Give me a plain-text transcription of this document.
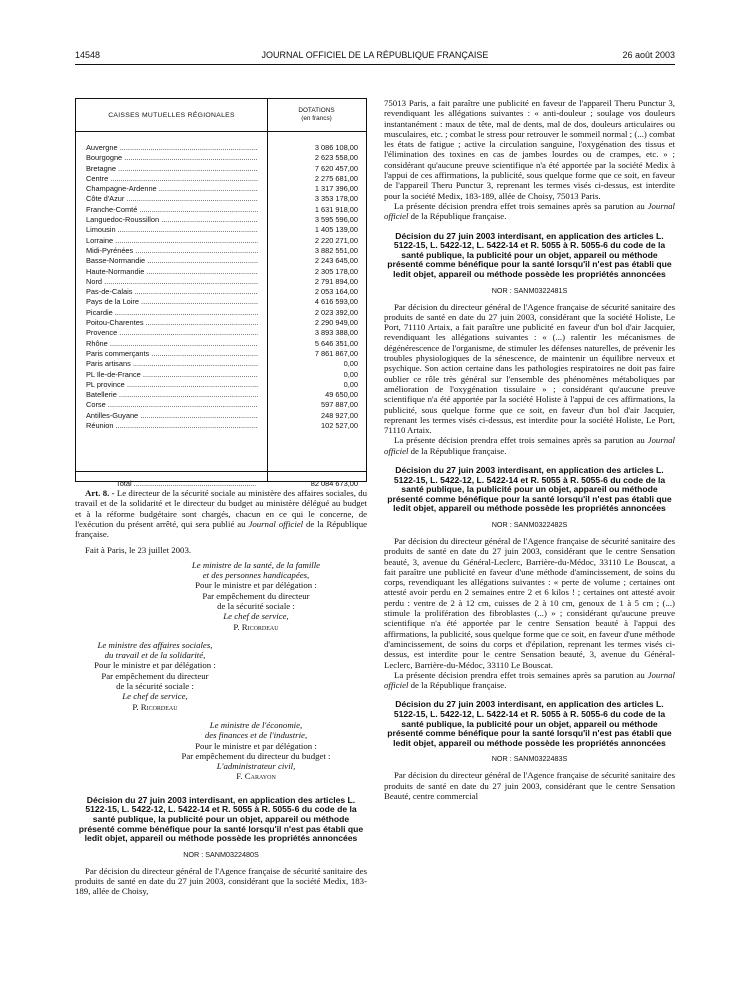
14548	JOURNAL OFFICIEL DE LA RÉPUBLIQUE FRANÇAISE	26 août 2003
CAISSES MUTUELLES RÉGIONALES
DOTATIONS
(en francs)
Auvergne .....	3 086 108,00
Bourgogne .....	2 623 558,00
Bretagne .....	7 620 457,00
Centre .....	2 275 681,00
Champagne-Ardenne .....	1 317 396,00
Côte d'Azur .....	3 353 178,00
Franche-Comté .....	1 631 918,00
Languedoc-Roussillon .....	3 595 596,00
Limousin .....	1 405 139,00
Lorraine .....	2 220 271,00
Midi-Pyrénées .....	3 882 551,00
Basse-Normandie .....	2 243 645,00
Haute-Normandie .....	2 305 178,00
Nord .....	2 791 894,00
Pas-de-Calais .....	2 053 164,00
Pays de la Loire .....	4 616 593,00
Picardie .....	2 023 392,00
Poitou-Charentes .....	2 290 949,00
Provence .....	3 893 388,00
Rhône .....	5 646 351,00
Paris commerçants .....	7 861 867,00
Paris artisans .....	0,00
PL Ile-de-France .....	0,00
PL province .....	0,00
Batellerie .....	49 650,00
Corse .....	597 887,00
Antilles-Guyane .....	248 927,00
Réunion .....	102 527,00
Total .....	82 084 673,00

Art. 8. - Le directeur de la sécurité sociale au ministère des affaires sociales, du travail et de la solidarité et le directeur du budget au ministère délégué au budget et à la réforme budgétaire sont chargés, chacun en ce qui le concerne, de l'exécution du présent arrêté, qui sera publié au Journal officiel de la République française.

Fait à Paris, le 23 juillet 2003.

Le ministre de la santé, de la famille
et des personnes handicapées,
Pour le ministre et par délégation :
Par empêchement du directeur
de la sécurité sociale :
Le chef de service,
P. Ricordeau
Le ministre des affaires sociales,
du travail et de la solidarité,
Pour le ministre et par délégation :
Par empêchement du directeur
de la sécurité sociale :
Le chef de service,
P. Ricordeau
Le ministre de l'économie,
des finances et de l'industrie,
Pour le ministre et par délégation :
Par empêchement du directeur du budget :
L'administrateur civil,
F. Carayon
Décision du 27 juin 2003 interdisant, en application des articles L. 5122-15, L. 5422-12, L. 5422-14 et R. 5055 à R. 5055-6 du code de la santé publique, la publicité pour un objet, appareil ou méthode présenté comme bénéfique pour la santé lorsqu'il n'est pas établi que ledit objet, appareil ou méthode possède les propriétés annoncées
NOR : SANM0322480S

Par décision du directeur général de l'Agence française de sécurité sanitaire des produits de santé en date du 27 juin 2003, considérant que la société Medix, 183-189, allée de Choisy,

75013 Paris, a fait paraître une publicité en faveur de l'appareil Theru Punctur 3, revendiquant les allégations suivantes : « anti-douleur ; soulage vos douleurs instantanément : maux de tête, mal de dents, mal de dos, douleurs articulaires ou musculaires, etc. ; combat le stress pour retrouver le sommeil normal ; (...) combat les états de fatigue ; active la circulation sanguine, l'oxygénation des tissus et l'élimination des toxines en cas de jambes lourdes ou de crampes, etc. » ; considérant qu'aucune preuve scientifique n'a été apportée par la société Medix à l'appui de ces affirmations, la publicité, sous quelque forme que ce soit, en faveur de l'appareil Theru Punctur 3, reprenant les termes visés ci-dessus, est interdite pour la société Medix, 183-189, allée de Choisy, 75013 Paris.

La présente décision prendra effet trois semaines après sa parution au Journal officiel de la République française.

Décision du 27 juin 2003 interdisant, en application des articles L. 5122-15, L. 5422-12, L. 5422-14 et R. 5055 à R. 5055-6 du code de la santé publique, la publicité pour un objet, appareil ou méthode présenté comme bénéfique pour la santé lorsqu'il n'est pas établi que ledit objet, appareil ou méthode possède les propriétés annoncées
NOR : SANM0322481S

Par décision du directeur général de l'Agence française de sécurité sanitaire des produits de santé en date du 27 juin 2003, considérant que la société Holiste, Le Port, 71110 Artaix, a fait paraître une publicité en faveur d'un bol d'air Jacquier, revendiquant les allégations suivantes : « (...) ralentir les mécanismes de dégénérescence de l'organisme, de stimuler les défenses naturelles, de prévenir les troubles physiologiques de la sénescence, de maintenir un équilibre nerveux et psychique. Son action certaine dans les pathologies respiratoires ne doit pas faire oublier ce rôle très général sur l'ensemble des phénomènes métaboliques par amélioration de l'oxygénation tissulaire » ; considérant qu'aucune preuve scientifique n'a été apportée par la société Holiste à l'appui de ces affirmations, la publicité, sous quelque forme que ce soit, en faveur d'un bol d'air Jacquier, reprenant les termes visés ci-dessus, est interdite pour la société Holiste, Le Port, 71110 Artaix.

La présente décision prendra effet trois semaines après sa parution au Journal officiel de la République française.

Décision du 27 juin 2003 interdisant, en application des articles L. 5122-15, L. 5422-12, L. 5422-14 et R. 5055 à R. 5055-6 du code de la santé publique, la publicité pour un objet, appareil ou méthode présenté comme bénéfique pour la santé lorsqu'il n'est pas établi que ledit objet, appareil ou méthode possède les propriétés annoncées
NOR : SANM0322482S

Par décision du directeur général de l'Agence française de sécurité sanitaire des produits de santé en date du 27 juin 2003, considérant que le centre Sensation beauté, 3, avenue du Général-Leclerc, Barrière-du-Médoc, 33110 Le Bouscat, a fait paraître une publicité en faveur d'une méthode d'amincissement, de soins du corps, revendiquant les allégations suivantes : « perte de volume ; certaines ont attesté avoir perdu en 2 semaines entre 2 et 6 kilos ! ; certaines ont attesté avoir perdu : ventre de 2 à 12 cm, cuisses de 2 à 10 cm, genoux de 1 à 5 cm ; (...) stimule la prolifération des fibroblastes (...) » ; considérant qu'aucune preuve scientifique n'a été apportée par le centre Sensation beauté à l'appui des affirmations, la publicité, sous quelque forme que ce soit, en faveur d'une méthode d'amincissement, de soins du corps et d'épilation, reprenant les termes visés ci-dessus, est interdite pour le centre Sensation beauté, 3, avenue du Général-Leclerc, Barrière-du-Médoc, 33110 Le Bouscat.

La présente décision prendra effet trois semaines après sa parution au Journal officiel de la République française.

Décision du 27 juin 2003 interdisant, en application des articles L. 5122-15, L. 5422-12, L. 5422-14 et R. 5055 à R. 5055-6 du code de la santé publique, la publicité pour un objet, appareil ou méthode présenté comme bénéfique pour la santé lorsqu'il n'est pas établi que ledit objet, appareil ou méthode possède les propriétés annoncées
NOR : SANM0322483S

Par décision du directeur général de l'Agence française de sécurité sanitaire des produits de santé en date du 27 juin 2003, considérant que le centre Sensation Beauté, centre commercial
